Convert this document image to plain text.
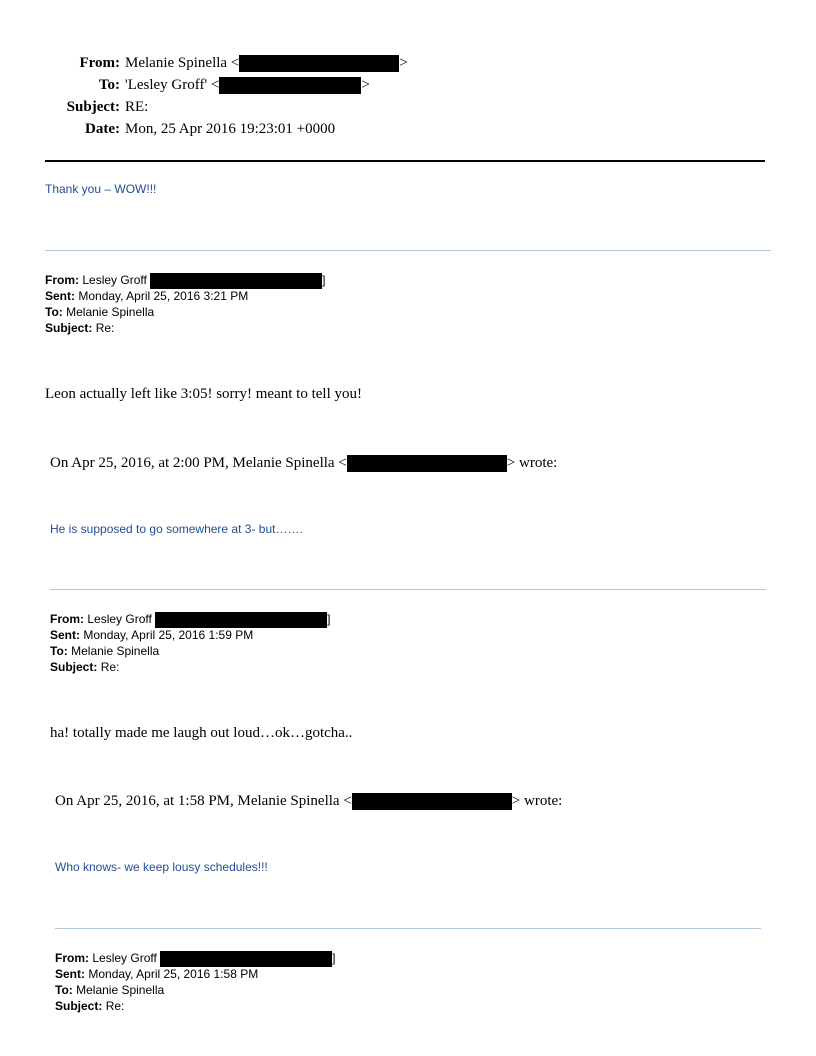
From: Melanie Spinella <	>
To: 'Lesley Groff' <	>
Subject: RE:
Date: Mon, 25 Apr 2016 19:23:01 +0000
Thank you – WOW!!!
From: Lesley Groff	]
Sent: Monday, April 25, 2016 3:21 PM
To: Melanie Spinella
Subject: Re:
Leon actually left like 3:05! sorry! meant to tell you!
On Apr 25, 2016, at 2:00 PM, Melanie Spinella <	> wrote:
He is supposed to go somewhere at 3- but…….
From: Lesley Groff	]
Sent: Monday, April 25, 2016 1:59 PM
To: Melanie Spinella
Subject: Re:
ha! totally made me laugh out loud…ok…gotcha..
On Apr 25, 2016, at 1:58 PM, Melanie Spinella <	> wrote:
Who knows- we keep lousy schedules!!!
From: Lesley Groff	]
Sent: Monday, April 25, 2016 1:58 PM
To: Melanie Spinella
Subject: Re:
